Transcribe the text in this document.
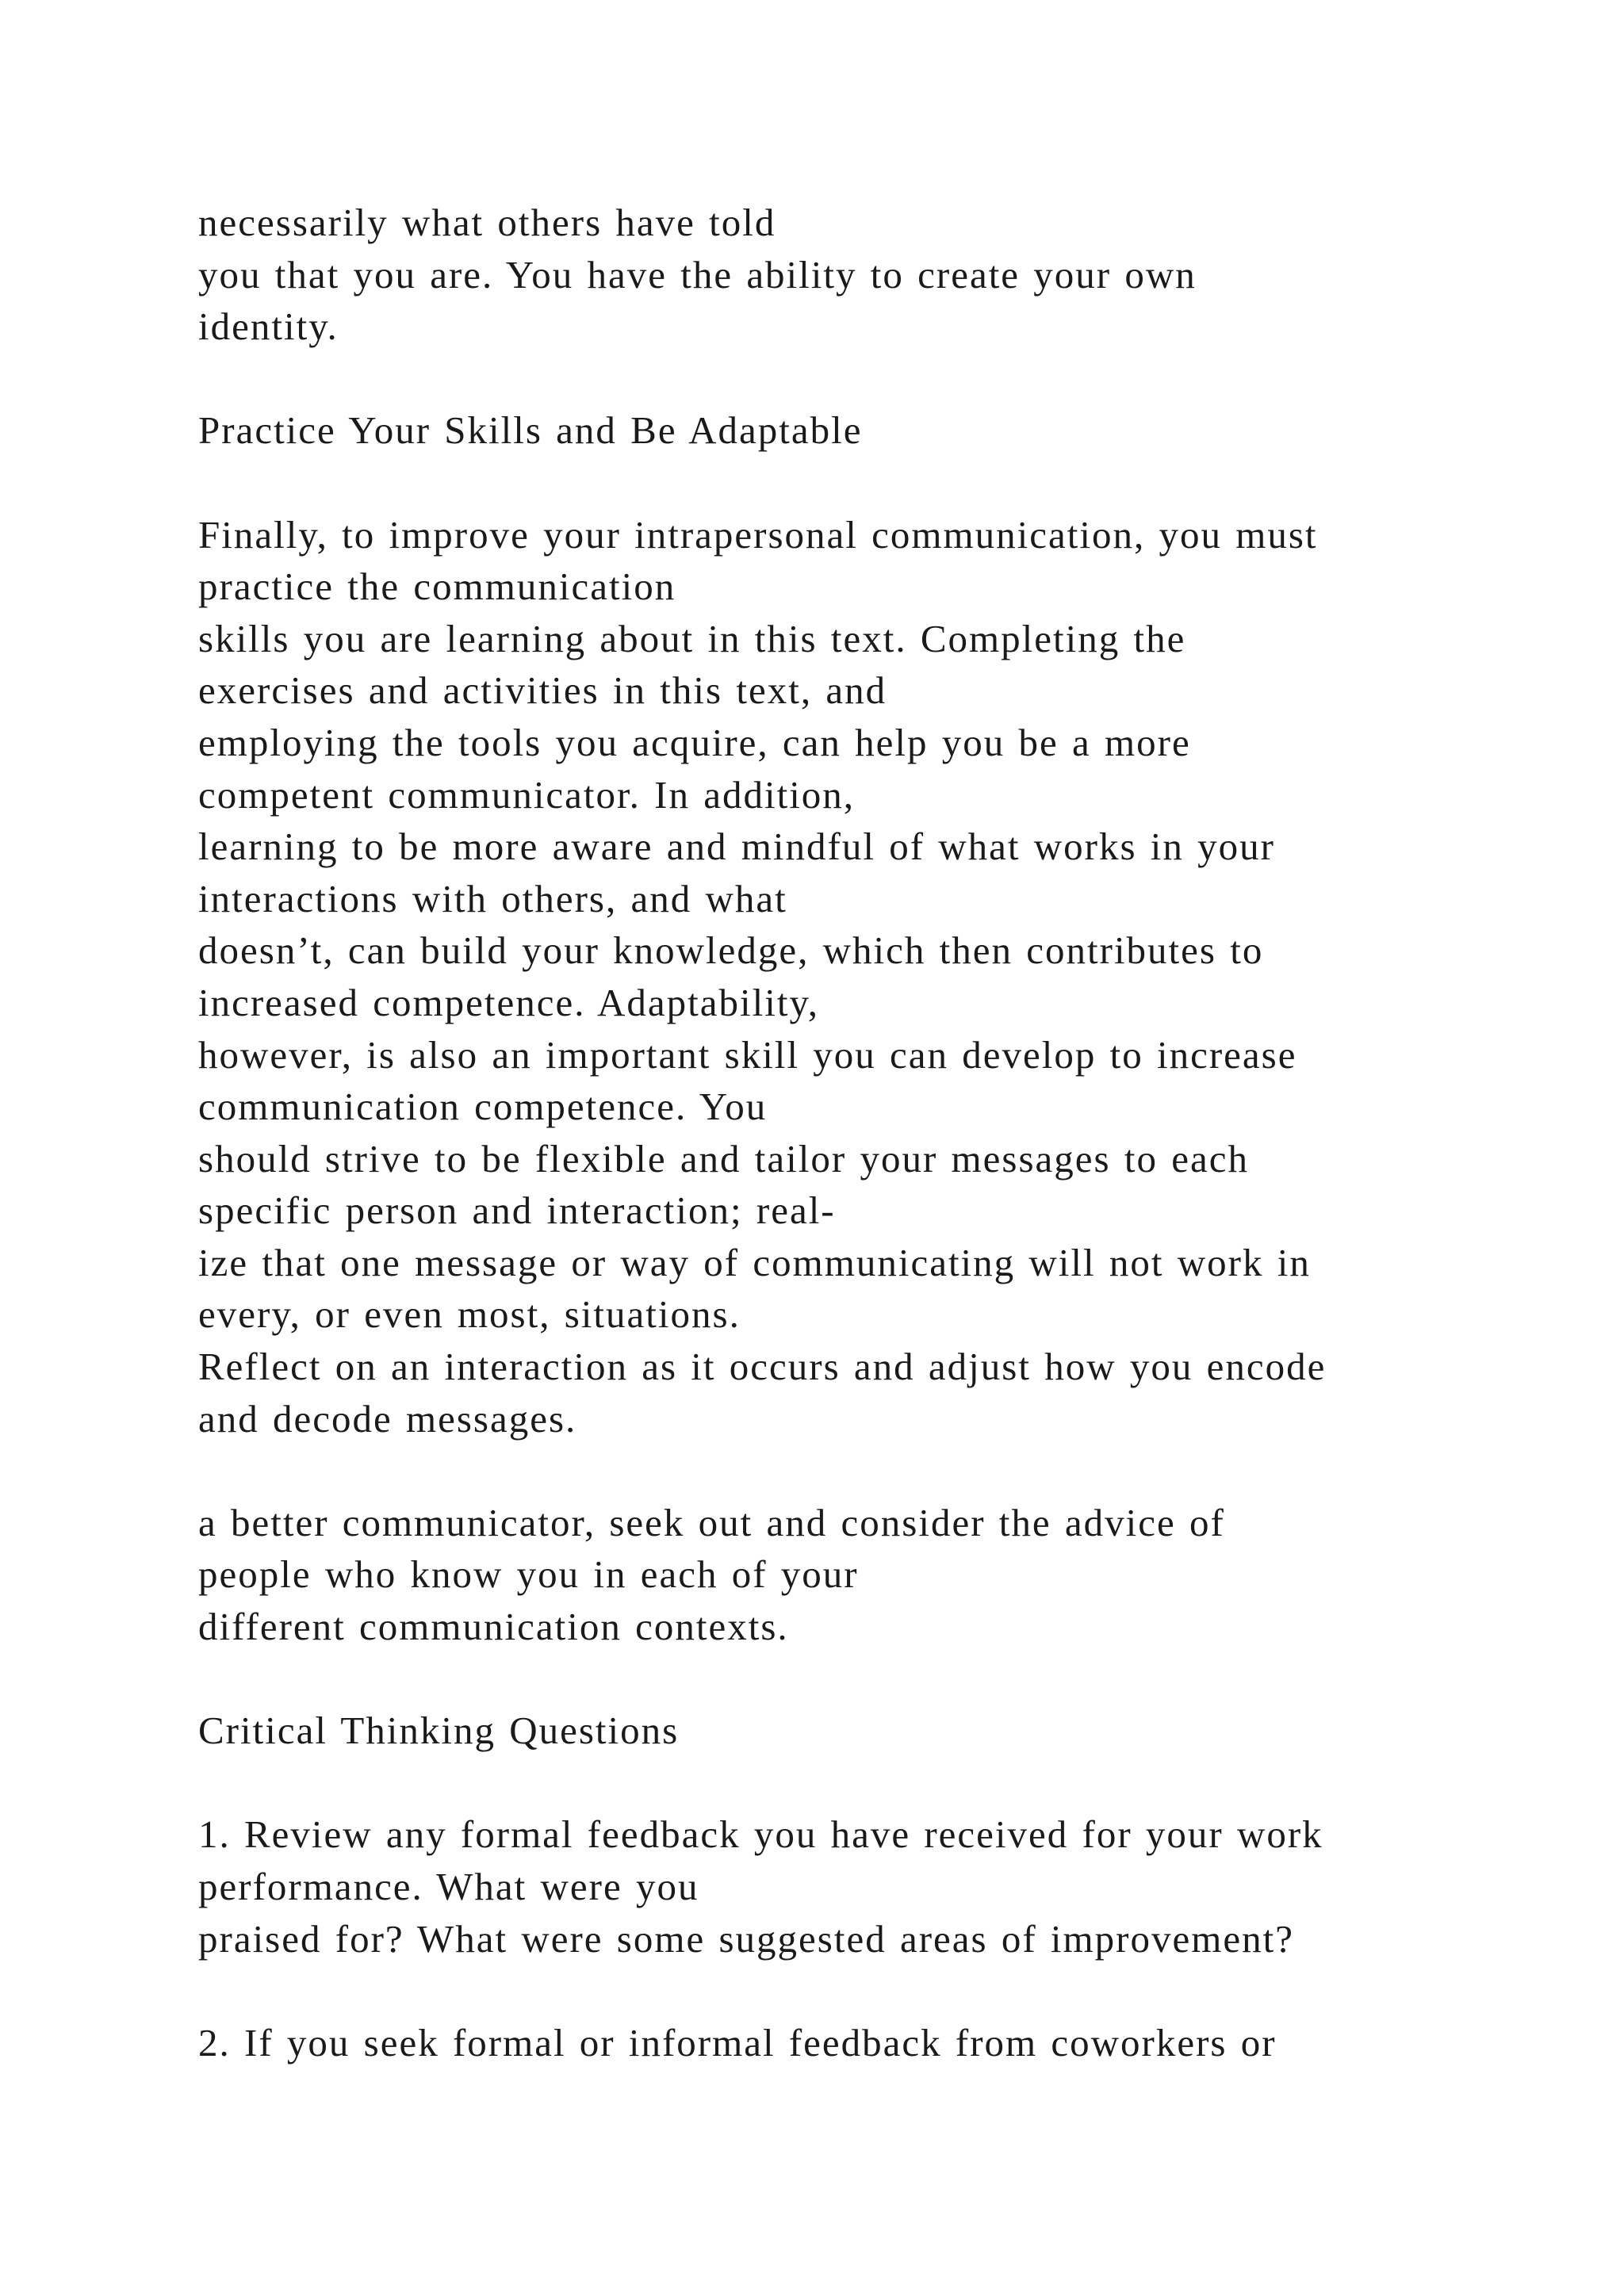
necessarily what others have told
you that you are. You have the ability to create your own
identity.
Practice Your Skills and Be Adaptable
Finally, to improve your intrapersonal communication, you must
practice the communication
skills you are learning about in this text. Completing the
exercises and activities in this text, and
employing the tools you acquire, can help you be a more
competent communicator. In addition,
learning to be more aware and mindful of what works in your
interactions with others, and what
doesn’t, can build your knowledge, which then contributes to
increased competence. Adaptability,
however, is also an important skill you can develop to increase
communication competence. You
should strive to be flexible and tailor your messages to each
specific person and interaction; real-
ize that one message or way of communicating will not work in
every, or even most, situations.
Reflect on an interaction as it occurs and adjust how you encode
and decode messages.
a better communicator, seek out and consider the advice of
people who know you in each of your
different communication contexts.
Critical Thinking Questions
1. Review any formal feedback you have received for your work
performance. What were you
praised for? What were some suggested areas of improvement?
2. If you seek formal or informal feedback from coworkers or
